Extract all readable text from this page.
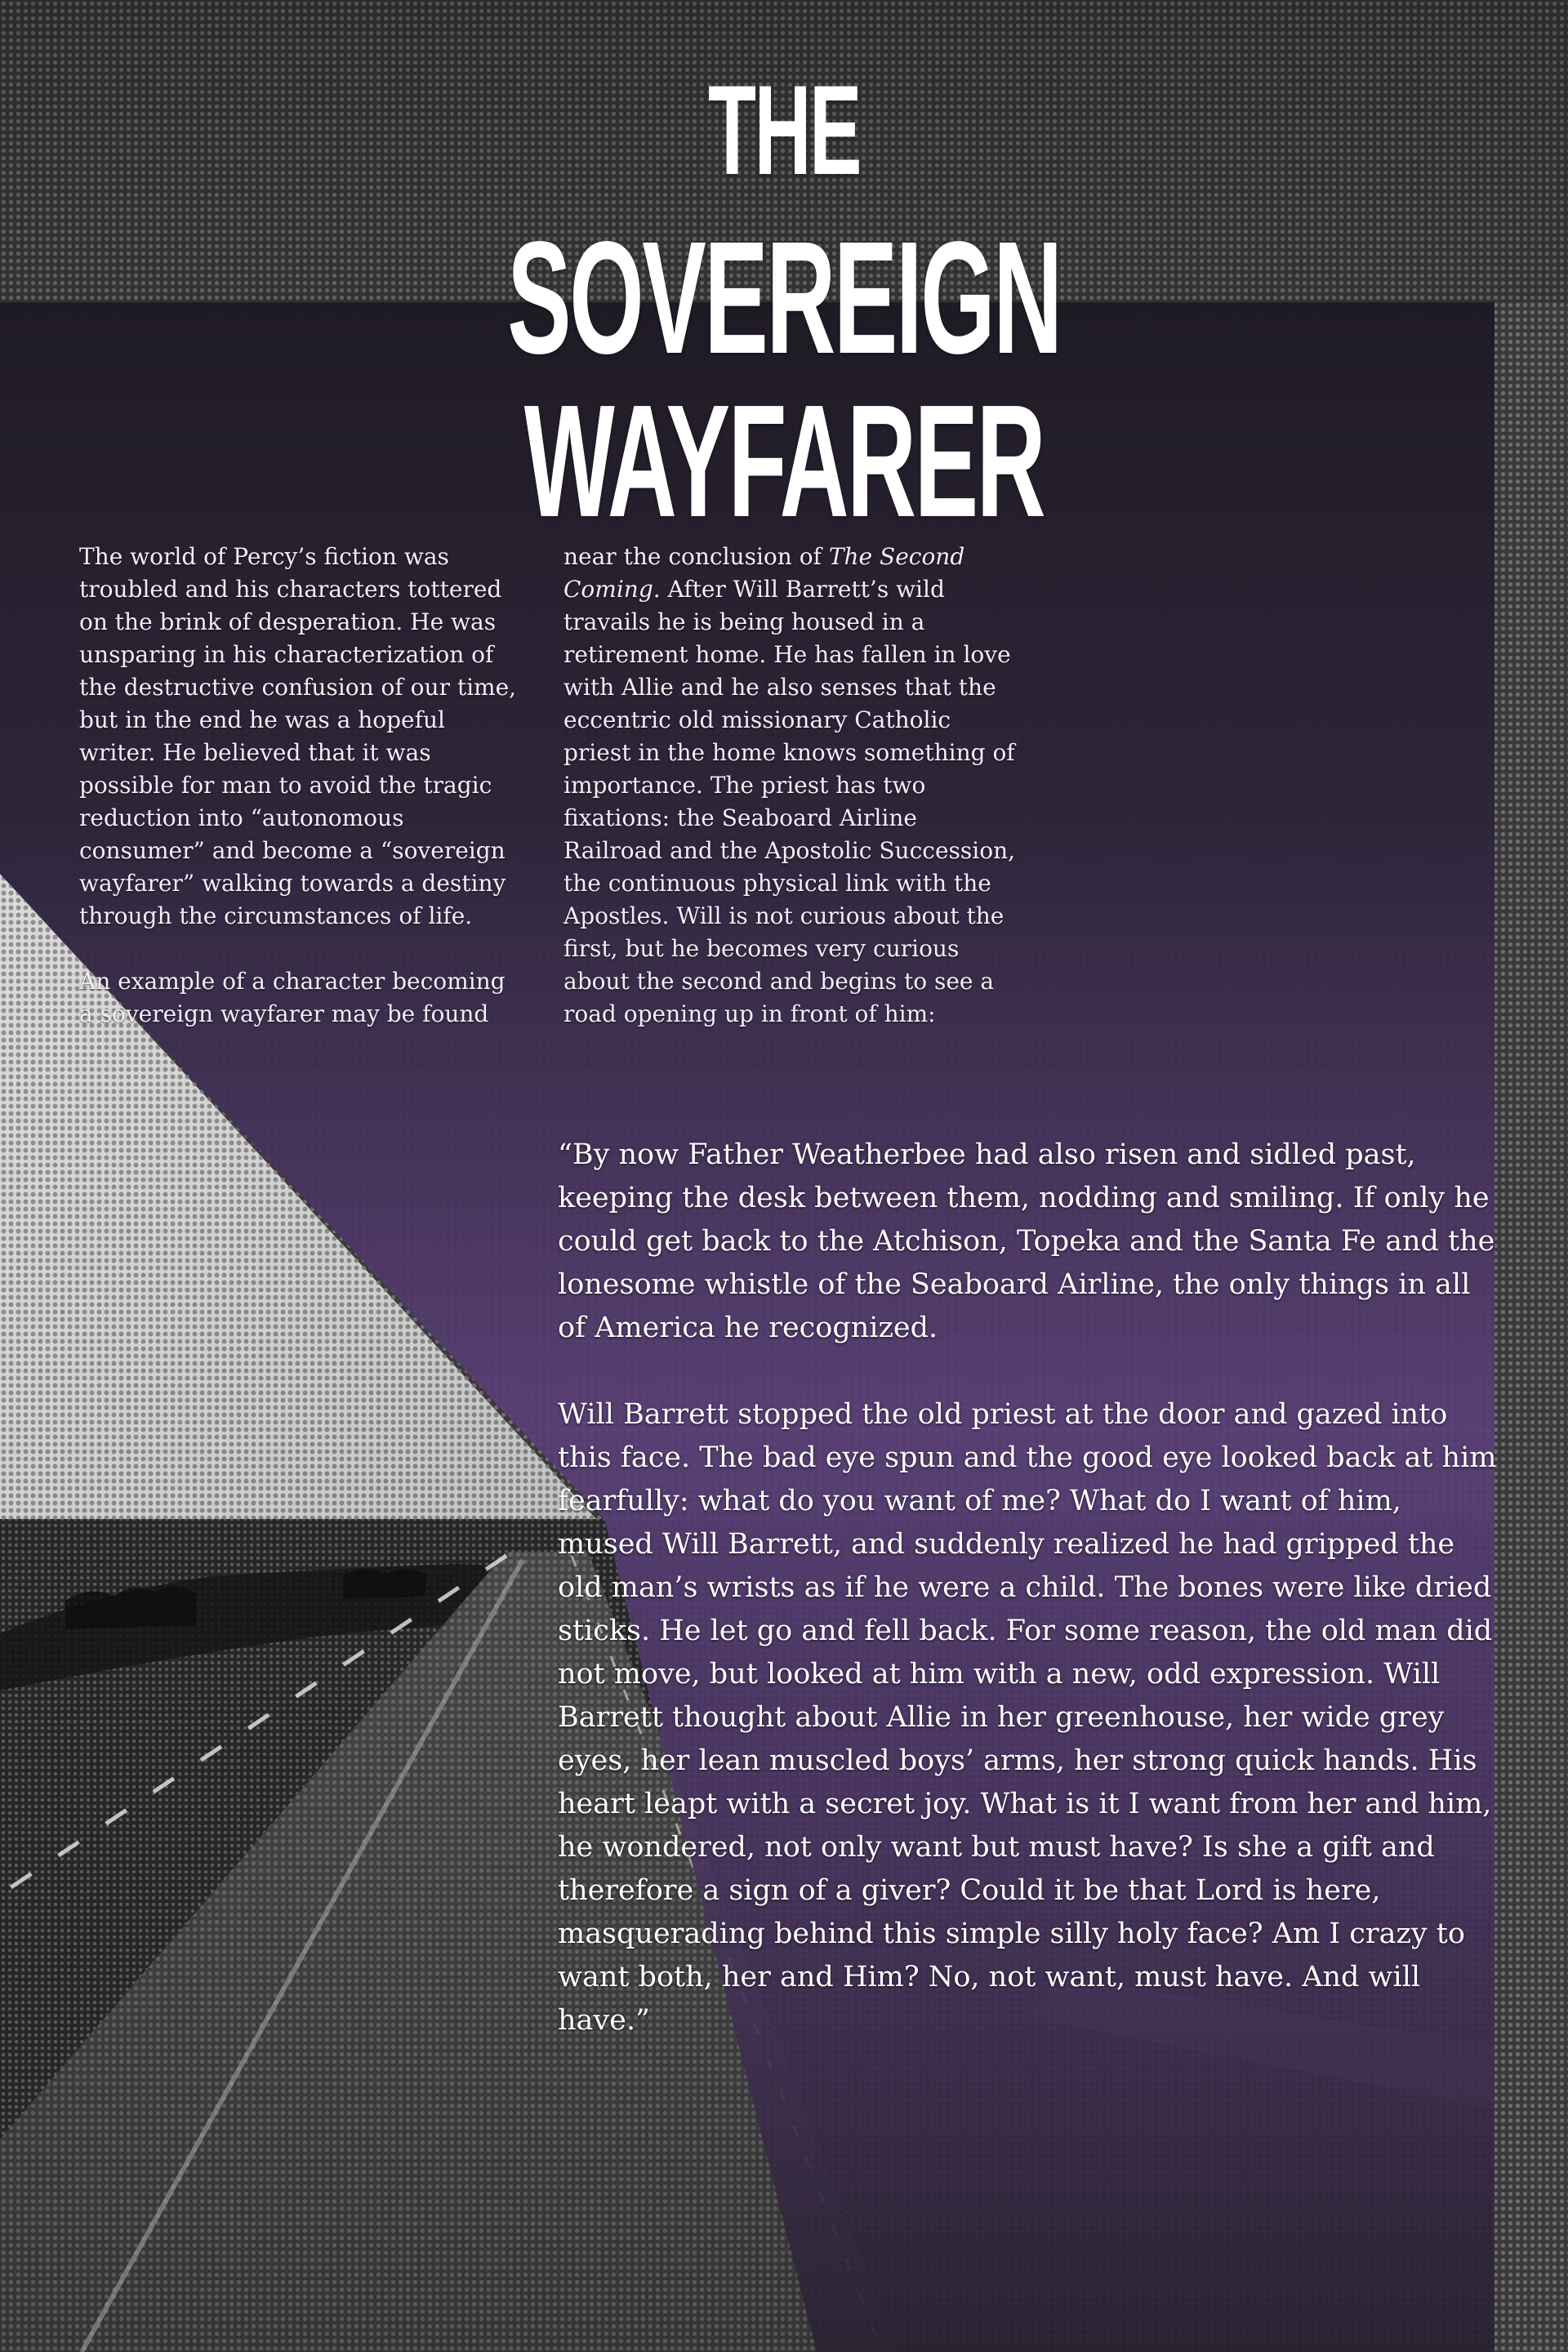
THE
SOVEREIGN WAYFARER

The world of Percy’s fiction was troubled and his characters tottered on the brink of desperation. He was unsparing in his characterization of the destructive confusion of our time, but in the end he was a hopeful writer. He believed that it was possible for man to avoid the tragic reduction into “autonomous consumer” and become a “sovereign wayfarer” walking towards a destiny through the circumstances of life.

An example of a character becoming a sovereign wayfarer may be found

near the conclusion of The Second Coming. After Will Barrett’s wild travails he is being housed in a retirement home. He has fallen in love with Allie and he also senses that the eccentric old missionary Catholic priest in the home knows something of importance. The priest has two fixations: the Seaboard Airline Railroad and the Apostolic Succession, the continuous physical link with the Apostles. Will is not curious about the first, but he becomes very curious about the second and begins to see a road opening up in front of him:

“By now Father Weatherbee had also risen and sidled past, keeping the desk between them, nodding and smiling. If only he could get back to the Atchison, Topeka and the Santa Fe and the lonesome whistle of the Seaboard Airline, the only things in all of America he recognized.

Will Barrett stopped the old priest at the door and gazed into this face. The bad eye spun and the good eye looked back at him fearfully: what do you want of me? What do I want of him, mused Will Barrett, and suddenly realized he had gripped the old man’s wrists as if he were a child. The bones were like dried sticks. He let go and fell back. For some reason, the old man did not move, but looked at him with a new, odd expression. Will Barrett thought about Allie in her greenhouse, her wide grey eyes, her lean muscled boys’ arms, her strong quick hands. His heart leapt with a secret joy. What is it I want from her and him, he wondered, not only want but must have? Is she a gift and therefore a sign of a giver? Could it be that Lord is here, masquerading behind this simple silly holy face? Am I crazy to want both, her and Him? No, not want, must have. And will have.”
